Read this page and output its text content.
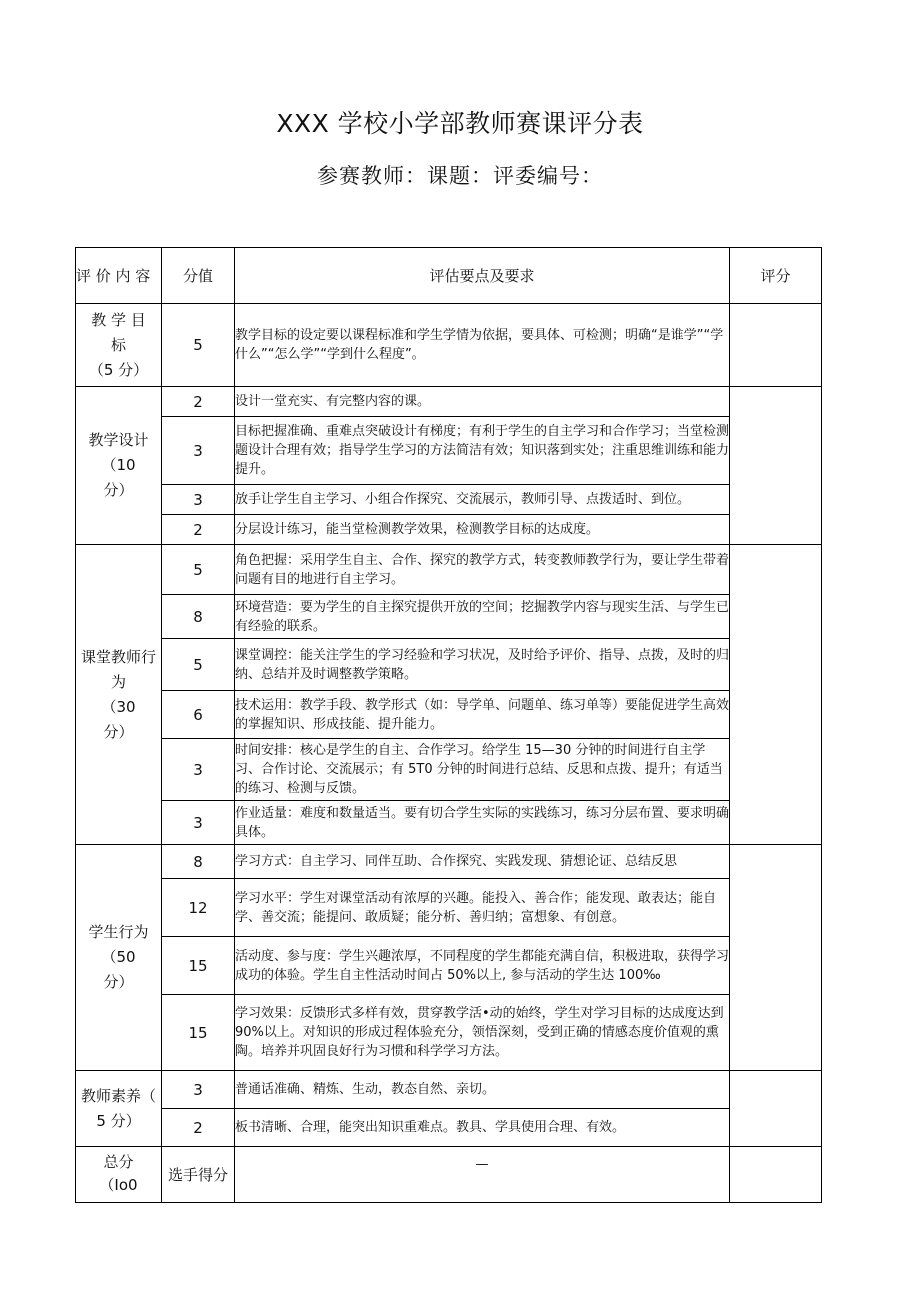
XXX 学校小学部教师赛课评分表
参赛教师：课题：评委编号：
评 价 内 容	分值	评估要点及要求	评分

教 学 目
标
（5 分）	5	教学目标的设定要以课程标准和学生学情为依据，要具体、可检测；明确“是谁学”“学什么”“怎么学”“学到什么程度”。	

教学设计
（10
分）	2	设计一堂充实、有完整内容的课。	
	3	目标把握准确、重难点突破设计有梯度；有利于学生的自主学习和合作学习；当堂检测题设计合理有效；指导学生学习的方法简洁有效；知识落到实处；注重思维训练和能力提升。	
	3	放手让学生自主学习、小组合作探究、交流展示，教师引导、点拨适时、到位。	
	2	分层设计练习，能当堂检测教学效果，检测教学目标的达成度。	

课堂教师行
为
（30
分）	5	角色把握：采用学生自主、合作、探究的教学方式，转变教师教学行为，要让学生带着问题有目的地进行自主学习。	
	8	环境营造：要为学生的自主探究提供开放的空间；挖掘教学内容与现实生活、与学生已有经验的联系。	
	5	课堂调控：能关注学生的学习经验和学习状况，及时给予评价、指导、点拨，及时的归纳、总结并及时调整教学策略。	
	6	技术运用：教学手段、教学形式（如：导学单、问题单、练习单等）要能促进学生高效的掌握知识、形成技能、提升能力。	
	3	时间安排：核心是学生的自主、合作学习。给学生 15—30 分钟的时间进行自主学习、合作讨论、交流展示；有 5T0 分钟的时间进行总结、反思和点拨、提升；有适当的练习、检测与反馈。	
	3	作业适量：难度和数量适当。要有切合学生实际的实践练习，练习分层布置、要求明确具体。	

学生行为
（50
分）	8	学习方式：自主学习、同伴互助、合作探究、实践发现、猜想论证、总结反思	
	12	学习水平：学生对课堂活动有浓厚的兴趣。能投入、善合作；能发现、敢表达；能自学、善交流；能提问、敢质疑；能分析、善归纳；富想象、有创意。	
	15	活动度、参与度：学生兴趣浓厚，不同程度的学生都能充满自信，积极进取，获得学习成功的体验。学生自主性活动时间占 50%以上, 参与活动的学生达 100‰	
	15	学习效果：反馈形式多样有效，贯穿教学活•动的始终，学生对学习目标的达成度达到 90%以上。对知识的形成过程体验充分，领悟深刻，受到正确的情感态度价值观的熏陶。培养并巩固良好行为习惯和科学学习方法。	

教师素养（
5 分）	3	普通话准确、精炼、生动，教态自然、亲切。	
	2	板书清晰、合理，能突出知识重难点。教具、学具使用合理、有效。	

总分
（Io0	选手得分	—	
